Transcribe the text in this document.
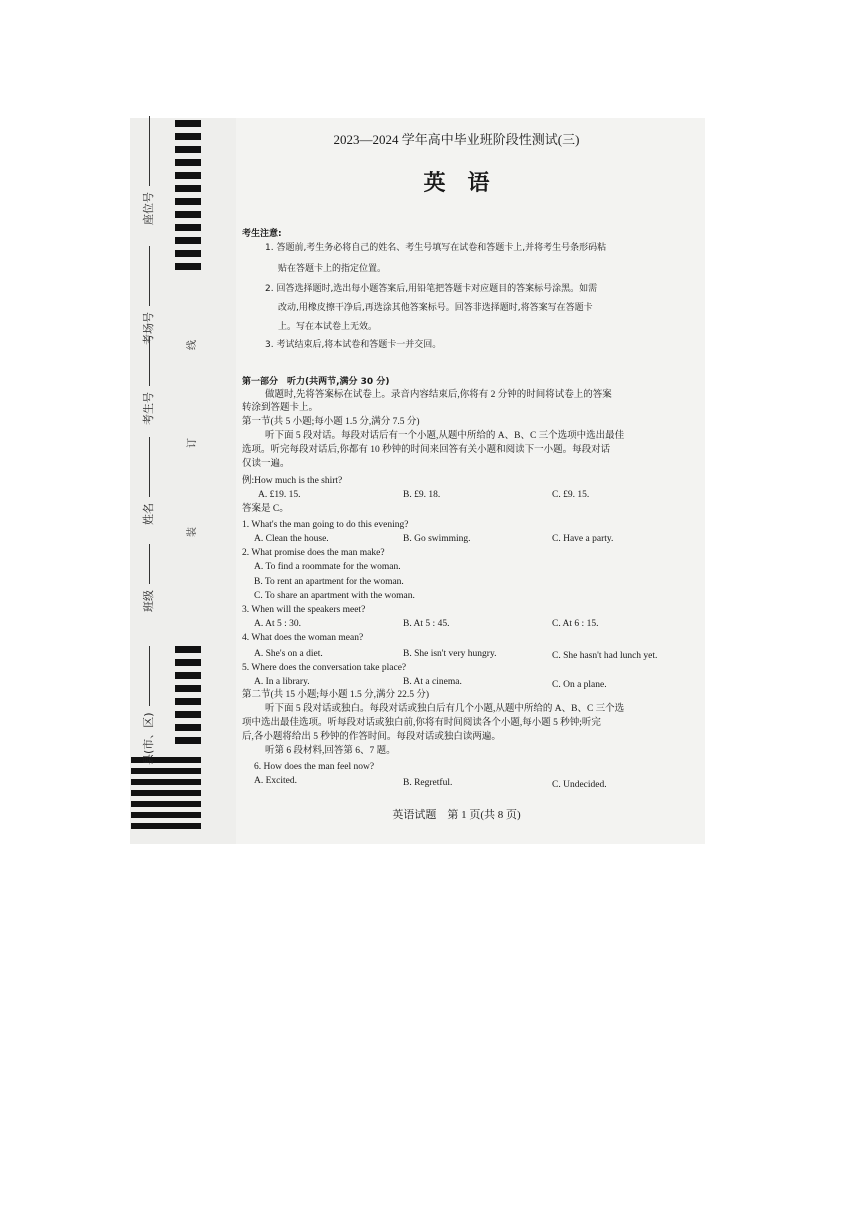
座位号
考场号
考生号
姓名
班级
县(市、区)
线
订
装
2023—2024 学年高中毕业班阶段性测试(三)
英　语
考生注意:
1. 答题前,考生务必将自己的姓名、考生号填写在试卷和答题卡上,并将考生号条形码粘
贴在答题卡上的指定位置。
2. 回答选择题时,选出每小题答案后,用铅笔把答题卡对应题目的答案标号涂黑。如需
改动,用橡皮擦干净后,再选涂其他答案标号。回答非选择题时,将答案写在答题卡
上。写在本试卷上无效。
3. 考试结束后,将本试卷和答题卡一并交回。
第一部分　听力(共两节,满分 30 分)
做题时,先将答案标在试卷上。录音内容结束后,你将有 2 分钟的时间将试卷上的答案
转涂到答题卡上。
第一节(共 5 小题;每小题 1.5 分,满分 7.5 分)
听下面 5 段对话。每段对话后有一个小题,从题中所给的 A、B、C 三个选项中选出最佳
选项。听完每段对话后,你都有 10 秒钟的时间来回答有关小题和阅读下一小题。每段对话
仅读一遍。
例:How much is the shirt?
A. £19. 15.	B. £9. 18.	C. £9. 15.
答案是 C。
1. What's the man going to do this evening?
A. Clean the house.	B. Go swimming.	C. Have a party.
2. What promise does the man make?
A. To find a roommate for the woman.
B. To rent an apartment for the woman.
C. To share an apartment with the woman.
3. When will the speakers meet?
A. At 5 : 30.	B. At 5 : 45.	C. At 6 : 15.
4. What does the woman mean?
A. She's on a diet.	B. She isn't very hungry.	C. She hasn't had lunch yet.
5. Where does the conversation take place?
A. In a library.	B. At a cinema.	C. On a plane.
第二节(共 15 小题;每小题 1.5 分,满分 22.5 分)
听下面 5 段对话或独白。每段对话或独白后有几个小题,从题中所给的 A、B、C 三个选
项中选出最佳选项。听每段对话或独白前,你将有时间阅读各个小题,每小题 5 秒钟;听完
后,各小题将给出 5 秒钟的作答时间。每段对话或独白读两遍。
听第 6 段材料,回答第 6、7 题。
6. How does the man feel now?
A. Excited.	B. Regretful.	C. Undecided.
英语试题　第 1 页(共 8 页)
